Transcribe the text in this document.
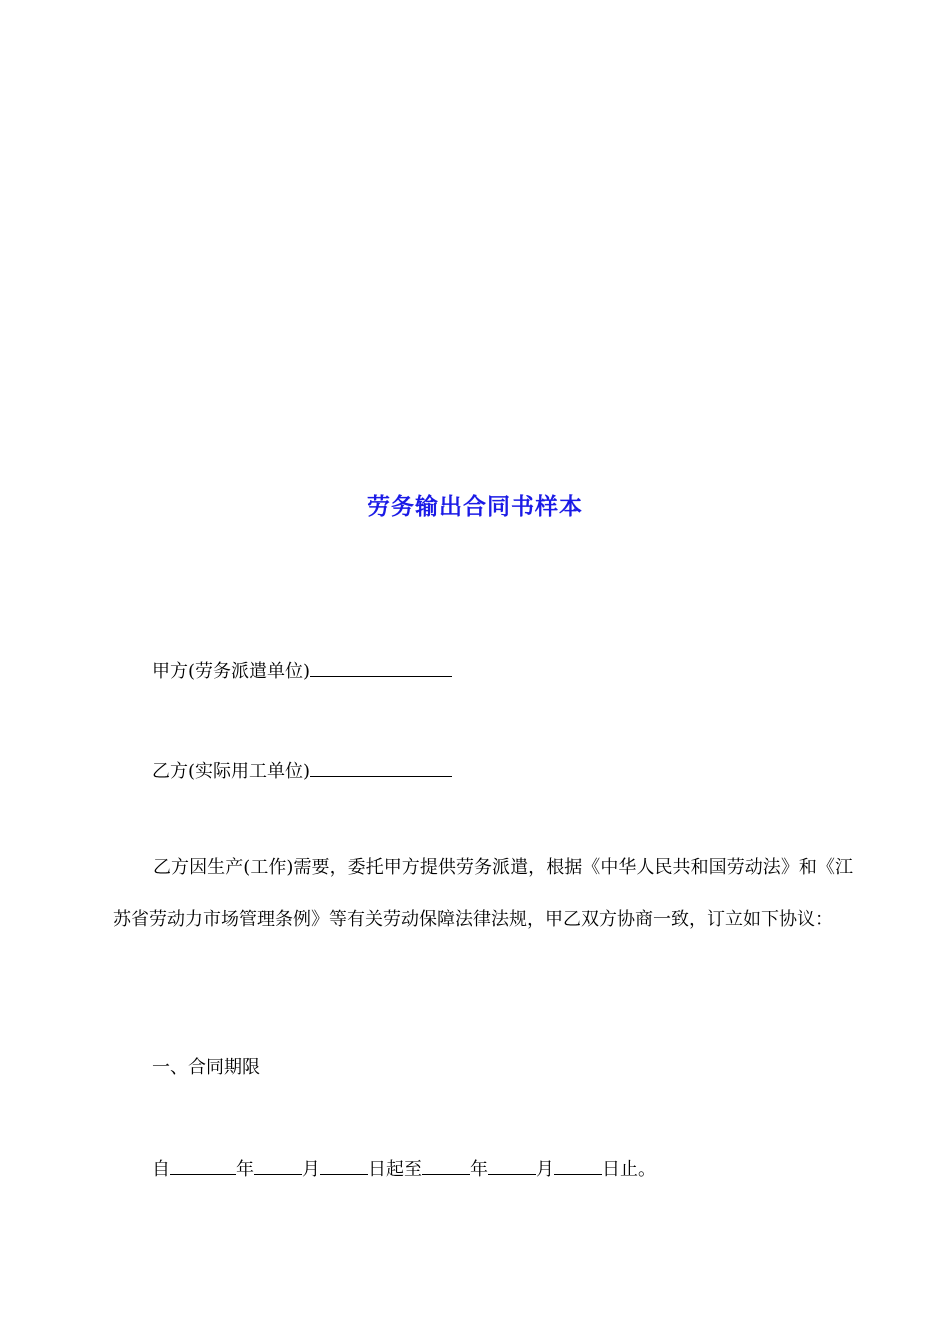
劳务输出合同书样本
甲方(劳务派遣单位)
乙方(实际用工单位)
乙方因生产(工作)需要，委托甲方提供劳务派遣，根据《中华人民共和国劳动法》和《江苏省劳动力市场管理条例》等有关劳动保障法律法规，甲乙双方协商一致，订立如下协议：
一、合同期限
自	年	月	日起至	年	月	日止。
